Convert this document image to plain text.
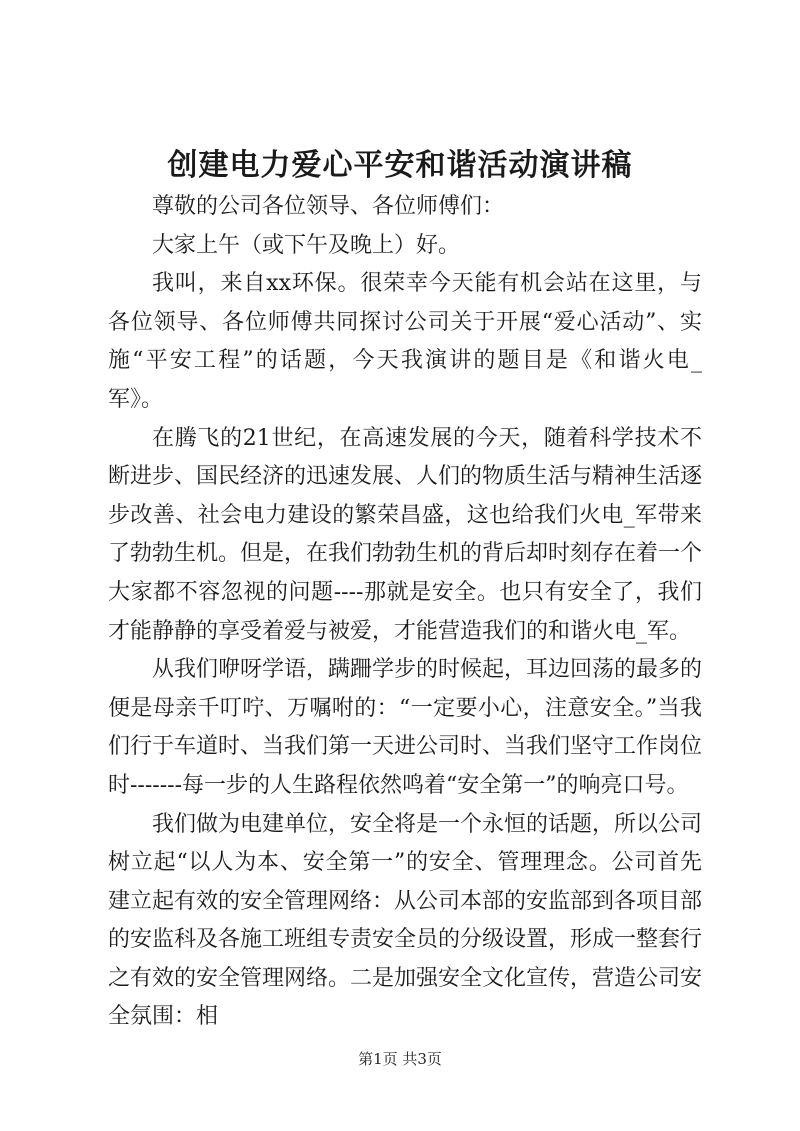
创建电力爱心平安和谐活动演讲稿

尊敬的公司各位领导、各位师傅们：

大家上午（或下午及晚上）好。

我叫，来自xx环保。很荣幸今天能有机会站在这里，与各位领导、各位师傅共同探讨公司关于开展“爱心活动”、实施“平安工程”的话题，今天我演讲的题目是《和谐火电_军》。

在腾飞的21世纪，在高速发展的今天，随着科学技术不断进步、国民经济的迅速发展、人们的物质生活与精神生活逐步改善、社会电力建设的繁荣昌盛，这也给我们火电_军带来了勃勃生机。但是，在我们勃勃生机的背后却时刻存在着一个大家都不容忽视的问题----那就是安全。也只有安全了，我们才能静静的享受着爱与被爱，才能营造我们的和谐火电_军。

从我们咿呀学语，蹒跚学步的时候起，耳边回荡的最多的便是母亲千叮咛、万嘱咐的：“一定要小心，注意安全。”当我们行于车道时、当我们第一天进公司时、当我们坚守工作岗位时-------每一步的人生路程依然鸣着“安全第一”的响亮口号。

我们做为电建单位，安全将是一个永恒的话题，所以公司树立起“以人为本、安全第一”的安全、管理理念。公司首先建立起有效的安全管理网络：从公司本部的安监部到各项目部的安监科及各施工班组专责安全员的分级设置，形成一整套行之有效的安全管理网络。二是加强安全文化宣传，营造公司安全氛围：相

第1页 共3页
